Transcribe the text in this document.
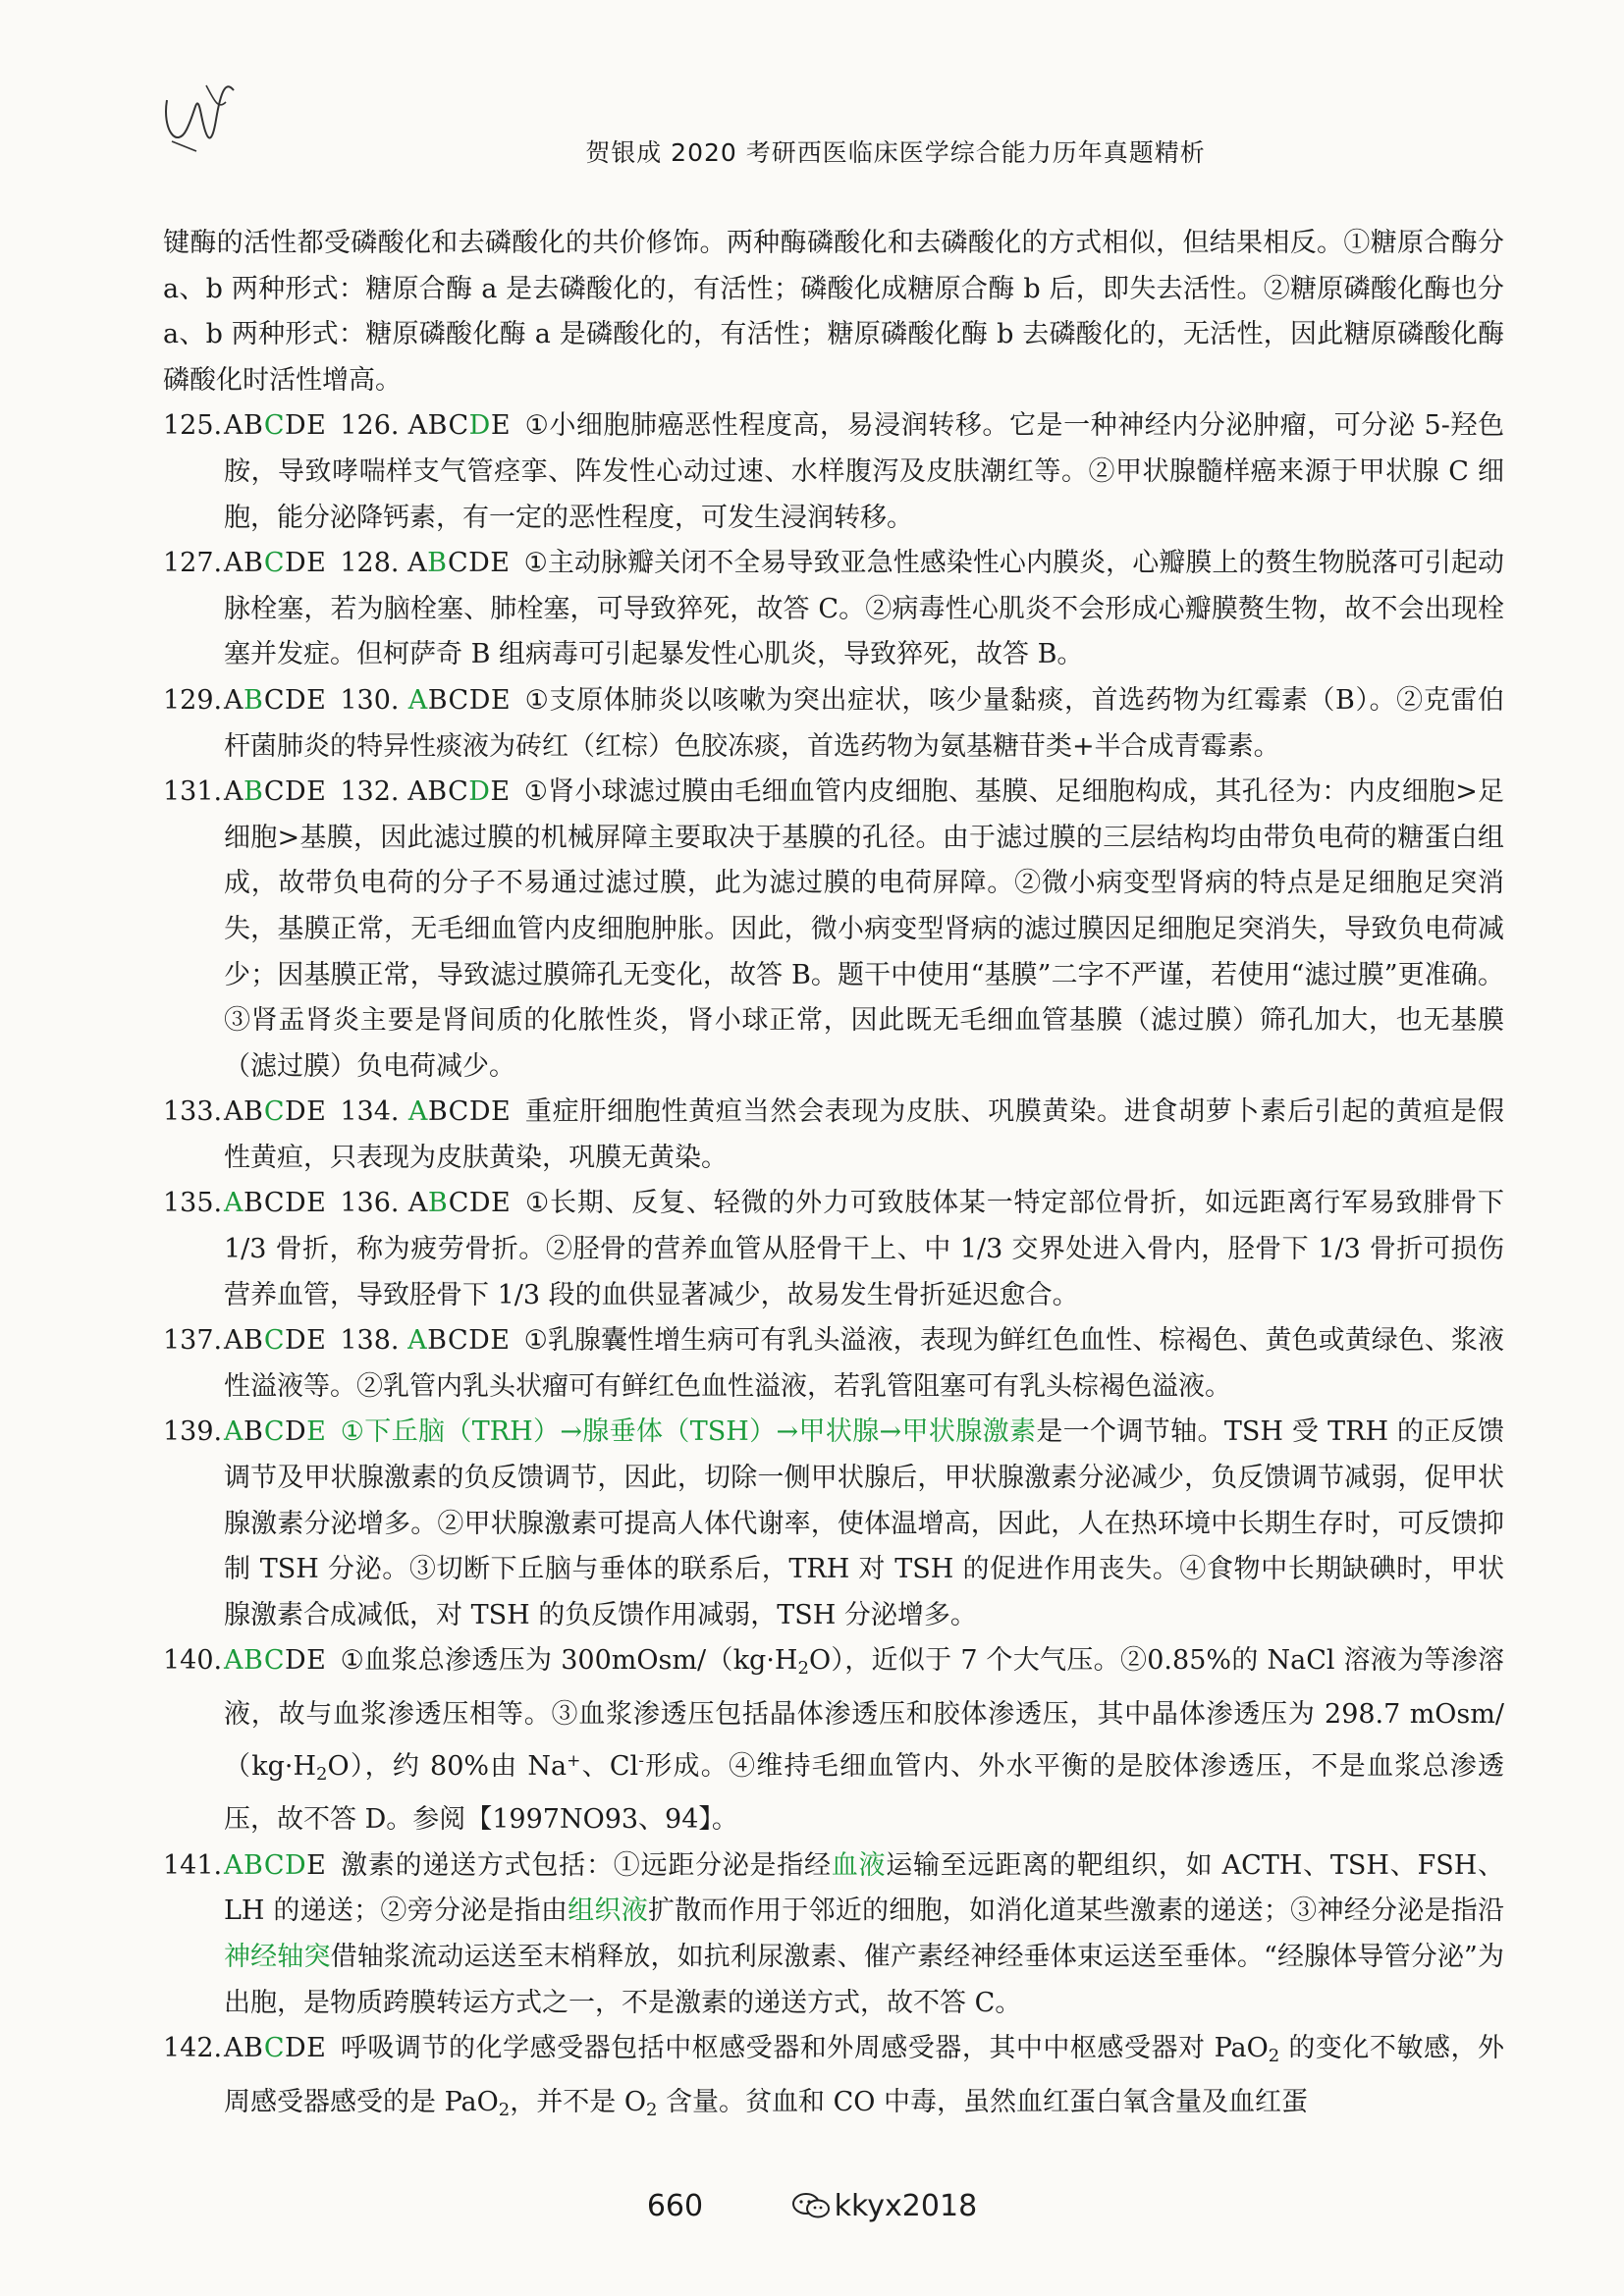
贺银成 2020 考研西医临床医学综合能力历年真题精析
键酶的活性都受磷酸化和去磷酸化的共价修饰。两种酶磷酸化和去磷酸化的方式相似，但结果相反。①糖原合酶分 a、b 两种形式：糖原合酶 a 是去磷酸化的，有活性；磷酸化成糖原合酶 b 后，即失去活性。②糖原磷酸化酶也分 a、b 两种形式：糖原磷酸化酶 a 是磷酸化的，有活性；糖原磷酸化酶 b 去磷酸化的，无活性，因此糖原磷酸化酶磷酸化时活性增高。
125. ABCDE 126. ABCDE ①小细胞肺癌恶性程度高，易浸润转移。它是一种神经内分泌肿瘤，可分泌 5-羟色胺，导致哮喘样支气管痉挛、阵发性心动过速、水样腹泻及皮肤潮红等。②甲状腺髓样癌来源于甲状腺 C 细胞，能分泌降钙素，有一定的恶性程度，可发生浸润转移。
127. ABCDE 128. ABCDE ①主动脉瓣关闭不全易导致亚急性感染性心内膜炎，心瓣膜上的赘生物脱落可引起动脉栓塞，若为脑栓塞、肺栓塞，可导致猝死，故答 C。②病毒性心肌炎不会形成心瓣膜赘生物，故不会出现栓塞并发症。但柯萨奇 B 组病毒可引起暴发性心肌炎，导致猝死，故答 B。
129. ABCDE 130. ABCDE ①支原体肺炎以咳嗽为突出症状，咳少量黏痰，首选药物为红霉素（B）。②克雷伯杆菌肺炎的特异性痰液为砖红（红棕）色胶冻痰，首选药物为氨基糖苷类+半合成青霉素。
131. ABCDE 132. ABCDE ①肾小球滤过膜由毛细血管内皮细胞、基膜、足细胞构成，其孔径为：内皮细胞>足细胞>基膜，因此滤过膜的机械屏障主要取决于基膜的孔径。由于滤过膜的三层结构均由带负电荷的糖蛋白组成，故带负电荷的分子不易通过滤过膜，此为滤过膜的电荷屏障。②微小病变型肾病的特点是足细胞足突消失，基膜正常，无毛细血管内皮细胞肿胀。因此，微小病变型肾病的滤过膜因足细胞足突消失，导致负电荷减少；因基膜正常，导致滤过膜筛孔无变化，故答 B。题干中使用“基膜”二字不严谨，若使用“滤过膜”更准确。③肾盂肾炎主要是肾间质的化脓性炎，肾小球正常，因此既无毛细血管基膜（滤过膜）筛孔加大，也无基膜（滤过膜）负电荷减少。
133. ABCDE 134. ABCDE 重症肝细胞性黄疸当然会表现为皮肤、巩膜黄染。进食胡萝卜素后引起的黄疸是假性黄疸，只表现为皮肤黄染，巩膜无黄染。
135. ABCDE 136. ABCDE ①长期、反复、轻微的外力可致肢体某一特定部位骨折，如远距离行军易致腓骨下 1/3 骨折，称为疲劳骨折。②胫骨的营养血管从胫骨干上、中 1/3 交界处进入骨内，胫骨下 1/3 骨折可损伤营养血管，导致胫骨下 1/3 段的血供显著减少，故易发生骨折延迟愈合。
137. ABCDE 138. ABCDE ①乳腺囊性增生病可有乳头溢液，表现为鲜红色血性、棕褐色、黄色或黄绿色、浆液性溢液等。②乳管内乳头状瘤可有鲜红色血性溢液，若乳管阻塞可有乳头棕褐色溢液。
139. ABCDE ①下丘脑（TRH）→腺垂体（TSH）→甲状腺→甲状腺激素是一个调节轴。TSH 受 TRH 的正反馈调节及甲状腺激素的负反馈调节，因此，切除一侧甲状腺后，甲状腺激素分泌减少，负反馈调节减弱，促甲状腺激素分泌增多。②甲状腺激素可提高人体代谢率，使体温增高，因此，人在热环境中长期生存时，可反馈抑制 TSH 分泌。③切断下丘脑与垂体的联系后，TRH 对 TSH 的促进作用丧失。④食物中长期缺碘时，甲状腺激素合成减低，对 TSH 的负反馈作用减弱，TSH 分泌增多。
140. ABCDE ①血浆总渗透压为 $300mOsm/(kg\cdot H_2O)$，近似于 7 个大气压。②0.85%的 NaCl 溶液为等渗溶液，故与血浆渗透压相等。③血浆渗透压包括晶体渗透压和胶体渗透压，其中晶体渗透压为 298.7 mOsm/$(kg\cdot H_2O)$，约 80%由 Na+、Cl-形成。④维持毛细血管内、外水平衡的是胶体渗透压，不是血浆总渗透压，故不答 D。参阅【1997NO93、94】。
141. ABCDE 激素的递送方式包括：①远距分泌是指经血液运输至远距离的靶组织，如 ACTH、TSH、FSH、LH 的递送；②旁分泌是指由组织液扩散而作用于邻近的细胞，如消化道某些激素的递送；③神经分泌是指沿神经轴突借轴浆流动运送至末梢释放，如抗利尿激素、催产素经神经垂体束运送至垂体。“经腺体导管分泌”为出胞，是物质跨膜转运方式之一，不是激素的递送方式，故不答 C。
142. ABCDE 呼吸调节的化学感受器包括中枢感受器和外周感受器，其中中枢感受器对 PaO$_2$ 的变化不敏感，外周感受器感受的是 PaO$_2$，并不是 $O_2$ 含量。贫血和 CO 中毒，虽然血红蛋白氧含量及血红蛋
660	kkyx2018
